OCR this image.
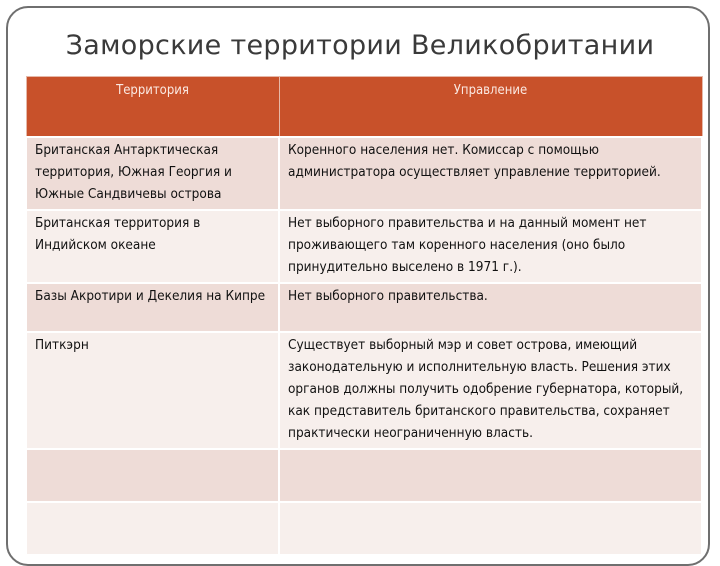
Заморские территории Великобритании
Территория	Управление
Британская Антарктическая территория, Южная Георгия и Южные Сандвичевы острова	Коренного населения нет. Комиссар с помощью администратора осуществляет управление территорией.
Британская территория в Индийском океане	Нет выборного правительства и на данный момент нет проживающего там коренного населения (оно было принудительно выселено в 1971 г.).
Базы Акротири и Декелия на Кипре	Нет выборного правительства.
Питкэрн	Существует выборный мэр и совет острова, имеющий законодательную и исполнительную власть. Решения этих органов должны получить одобрение губернатора, который, как представитель британского правительства, сохраняет практически неограниченную власть.
